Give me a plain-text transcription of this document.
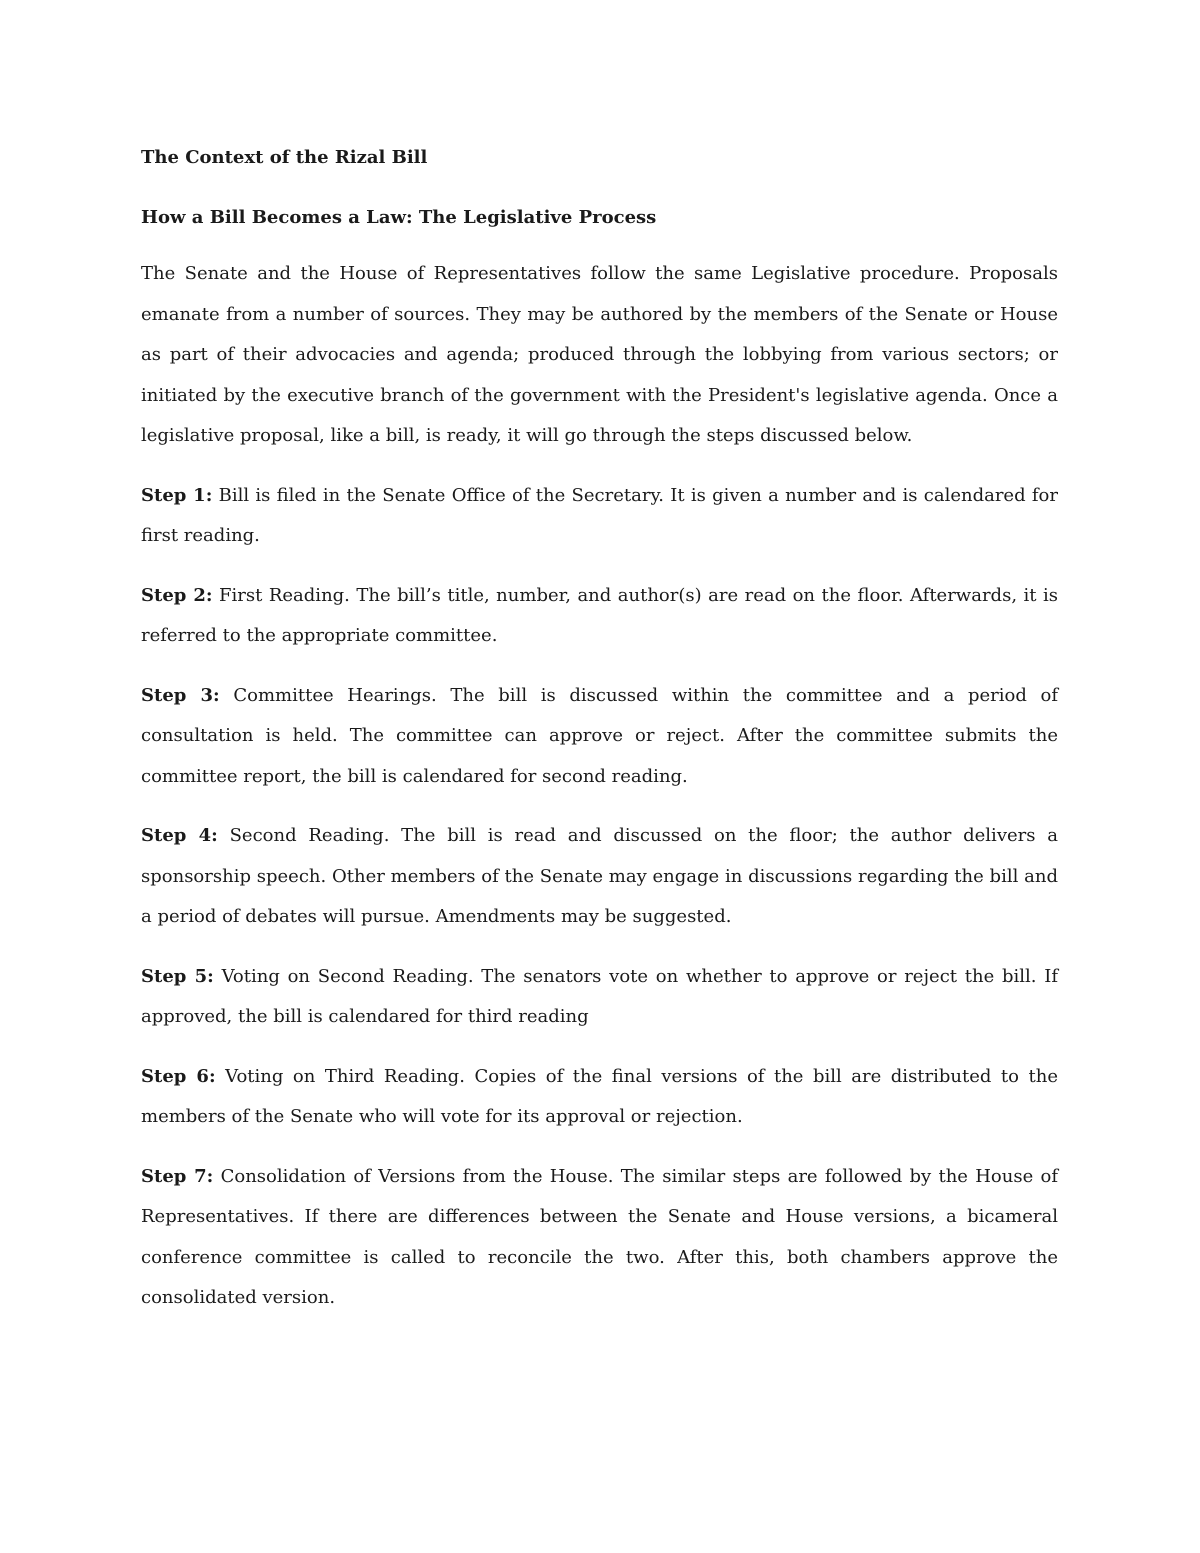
The Context of the Rizal Bill

How a Bill Becomes a Law: The Legislative Process

The Senate and the House of Representatives follow the same Legislative procedure. Proposals emanate from a number of sources. They may be authored by the members of the Senate or House as part of their advocacies and agenda; produced through the lobbying from various sectors; or initiated by the executive branch of the government with the President's legislative agenda. Once a legislative proposal, like a bill, is ready, it will go through the steps discussed below.

Step 1: Bill is filed in the Senate Office of the Secretary. It is given a number and is calendared for first reading.

Step 2: First Reading. The bill’s title, number, and author(s) are read on the floor. Afterwards, it is referred to the appropriate committee.

Step 3: Committee Hearings. The bill is discussed within the committee and a period of consultation is held. The committee can approve or reject. After the committee submits the committee report, the bill is calendared for second reading.

Step 4: Second Reading. The bill is read and discussed on the floor; the author delivers a sponsorship speech. Other members of the Senate may engage in discussions regarding the bill and a period of debates will pursue. Amendments may be suggested.

Step 5: Voting on Second Reading. The senators vote on whether to approve or reject the bill. If approved, the bill is calendared for third reading

Step 6: Voting on Third Reading. Copies of the final versions of the bill are distributed to the members of the Senate who will vote for its approval or rejection.

Step 7: Consolidation of Versions from the House. The similar steps are followed by the House of Representatives. If there are differences between the Senate and House versions, a bicameral conference committee is called to reconcile the two. After this, both chambers approve the consolidated version.
